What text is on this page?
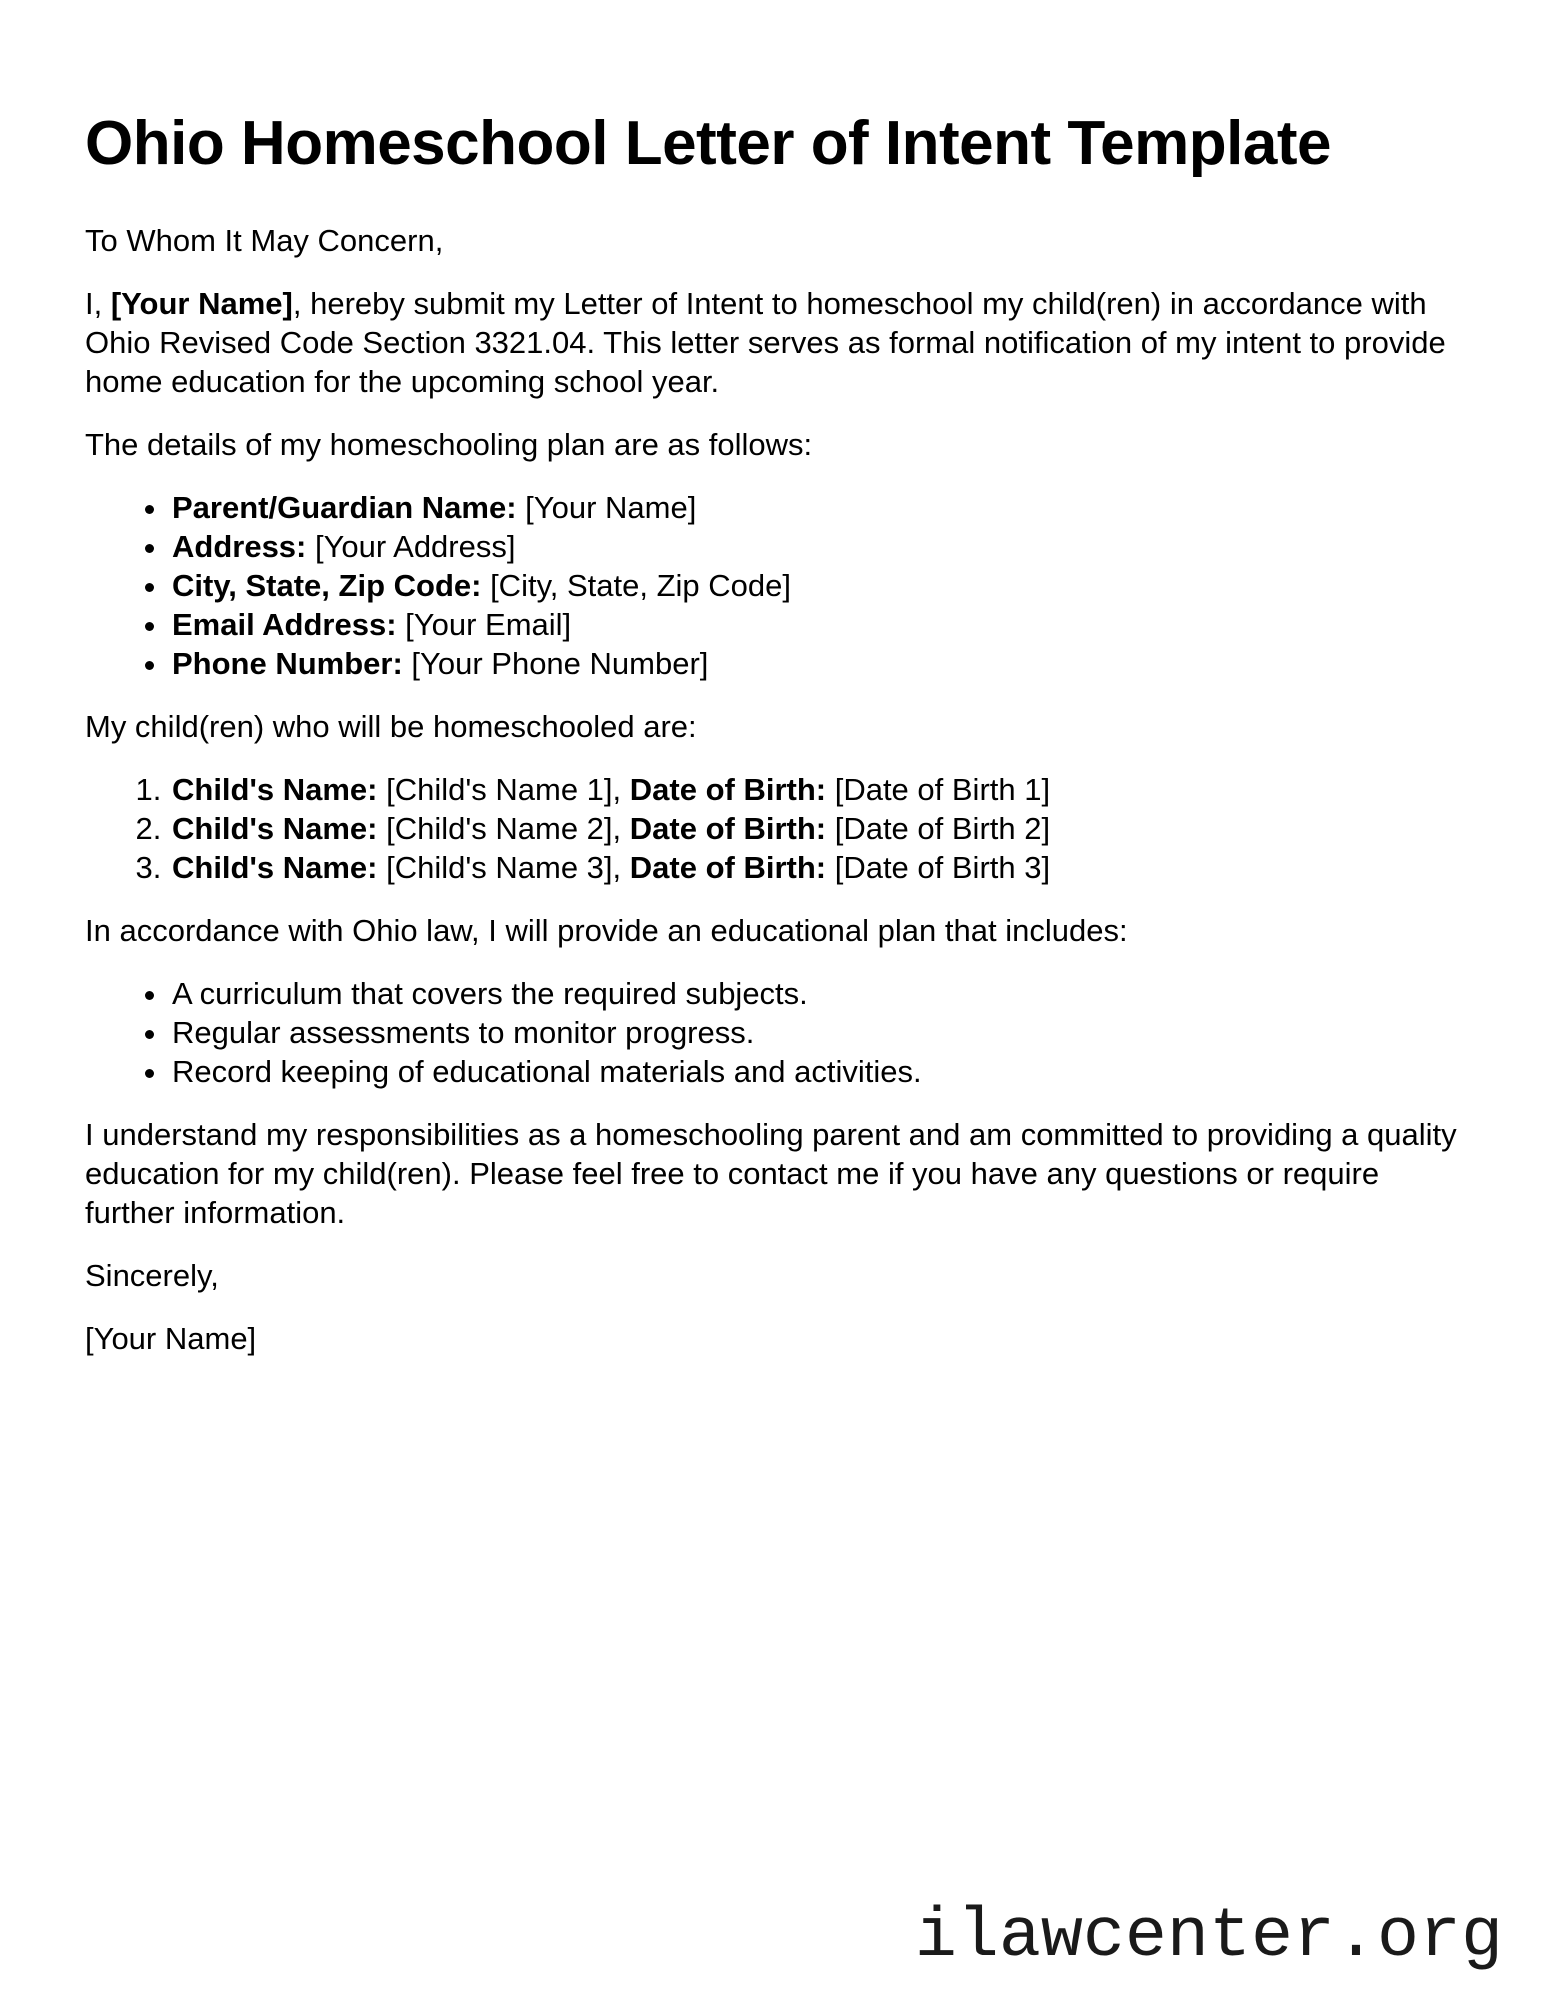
Ohio Homeschool Letter of Intent Template

To Whom It May Concern,

I, [Your Name], hereby submit my Letter of Intent to homeschool my child(ren) in accordance with Ohio Revised Code Section 3321.04. This letter serves as formal notification of my intent to provide home education for the upcoming school year.

The details of my homeschooling plan are as follows:

• Parent/Guardian Name: [Your Name]
• Address: [Your Address]
• City, State, Zip Code: [City, State, Zip Code]
• Email Address: [Your Email]
• Phone Number: [Your Phone Number]

My child(ren) who will be homeschooled are:

1. Child's Name: [Child's Name 1], Date of Birth: [Date of Birth 1]
2. Child's Name: [Child's Name 2], Date of Birth: [Date of Birth 2]
3. Child's Name: [Child's Name 3], Date of Birth: [Date of Birth 3]

In accordance with Ohio law, I will provide an educational plan that includes:

• A curriculum that covers the required subjects.
• Regular assessments to monitor progress.
• Record keeping of educational materials and activities.

I understand my responsibilities as a homeschooling parent and am committed to providing a quality education for my child(ren). Please feel free to contact me if you have any questions or require further information.

Sincerely,

[Your Name]

ilawcenter.org
